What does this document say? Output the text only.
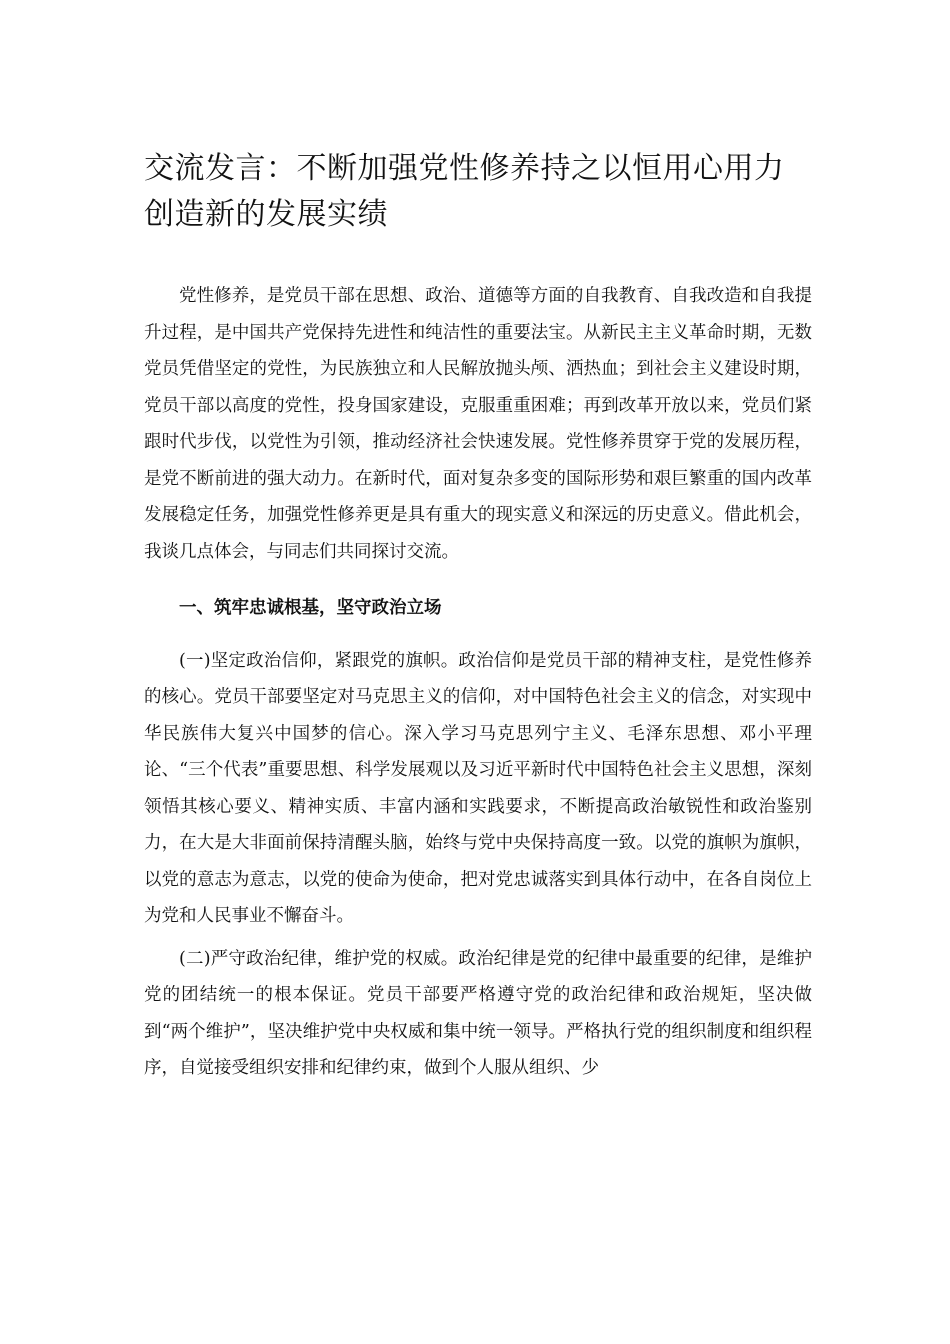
交流发言：不断加强党性修养持之以恒用心用力创造新的发展实绩

党性修养，是党员干部在思想、政治、道德等方面的自我教育、自我改造和自我提升过程，是中国共产党保持先进性和纯洁性的重要法宝。从新民主主义革命时期，无数党员凭借坚定的党性，为民族独立和人民解放抛头颅、洒热血；到社会主义建设时期，党员干部以高度的党性，投身国家建设，克服重重困难；再到改革开放以来，党员们紧跟时代步伐，以党性为引领，推动经济社会快速发展。党性修养贯穿于党的发展历程，是党不断前进的强大动力。在新时代，面对复杂多变的国际形势和艰巨繁重的国内改革发展稳定任务，加强党性修养更是具有重大的现实意义和深远的历史意义。借此机会，我谈几点体会，与同志们共同探讨交流。

一、筑牢忠诚根基，坚守政治立场

(一)坚定政治信仰，紧跟党的旗帜。政治信仰是党员干部的精神支柱，是党性修养的核心。党员干部要坚定对马克思主义的信仰，对中国特色社会主义的信念，对实现中华民族伟大复兴中国梦的信心。深入学习马克思列宁主义、毛泽东思想、邓小平理论、“三个代表”重要思想、科学发展观以及习近平新时代中国特色社会主义思想，深刻领悟其核心要义、精神实质、丰富内涵和实践要求，不断提高政治敏锐性和政治鉴别力，在大是大非面前保持清醒头脑，始终与党中央保持高度一致。以党的旗帜为旗帜，以党的意志为意志，以党的使命为使命，把对党忠诚落实到具体行动中，在各自岗位上为党和人民事业不懈奋斗。

(二)严守政治纪律，维护党的权威。政治纪律是党的纪律中最重要的纪律，是维护党的团结统一的根本保证。党员干部要严格遵守党的政治纪律和政治规矩，坚决做到“两个维护”，坚决维护党中央权威和集中统一领导。严格执行党的组织制度和组织程序，自觉接受组织安排和纪律约束，做到个人服从组织、少
